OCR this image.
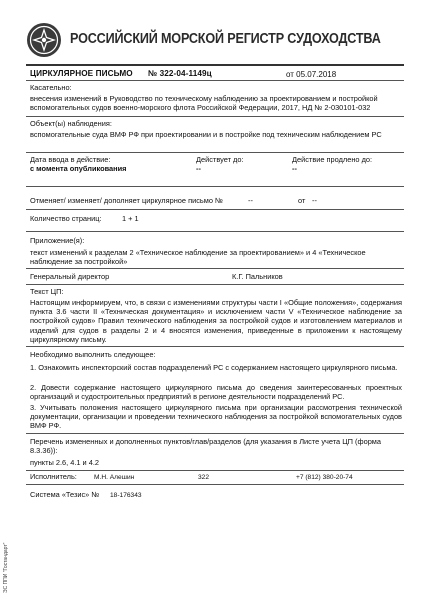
РОССИЙСКИЙ МОРСКОЙ РЕГИСТР СУДОХОДСТВА
ЦИРКУЛЯРНОЕ ПИСЬМО № 322-04-1149ц	от 05.07.2018
Касательно:
внесения изменений в Руководство по техническому наблюдению за проектированием и постройкой вспомогательных судов военно-морского флота Российской Федерации, 2017, НД № 2-030101-032
Объект(ы) наблюдения:
вспомогательные суда ВМФ РФ при проектировании и в постройке под техническим наблюдением РС
Дата ввода в действие:
с момента опубликования
Действует до:
--
Действие продлено до:
--
Отменяет/ изменяет/ дополняет циркулярное письмо №	--	от --
Количество страниц:	1 + 1
Приложение(я):
текст изменений к разделам 2 «Техническое наблюдение за проектированием» и 4 «Техническое наблюдение за постройкой»
Генеральный директор	К.Г. Пальников
Текст ЦП:
Настоящим информируем, что, в связи с изменениями структуры части I «Общие положения», содержания пункта 3.6 части II «Техническая документация» и исключением части V «Техническое наблюдение за постройкой судов» Правил технического наблюдения за постройкой судов и изготовлением материалов и изделий для судов в разделы 2 и 4 вносятся изменения, приведенные в приложении к настоящему циркулярному письму.
Необходимо выполнить следующее:
1. Ознакомить инспекторский состав подразделений РС с содержанием настоящего циркулярного письма.
2. Довести содержание настоящего циркулярного письма до сведения заинтересованных проектных организаций и судостроительных предприятий в регионе деятельности подразделений РС.
3. Учитывать положения настоящего циркулярного письма при организации рассмотрения технической документации, организации и проведении технического наблюдения за постройкой вспомогательных судов ВМФ РФ.
Перечень измененных и дополненных пунктов/глав/разделов (для указания в Листе учета ЦП (форма 8.3.36)):
пункты 2.6, 4.1 и 4.2
Исполнитель:	М.Н. Алешин	322	+7 (812) 380-20-74
Система «Тезис» № 18-176343
ЭС ППИ "Гостандарт"
